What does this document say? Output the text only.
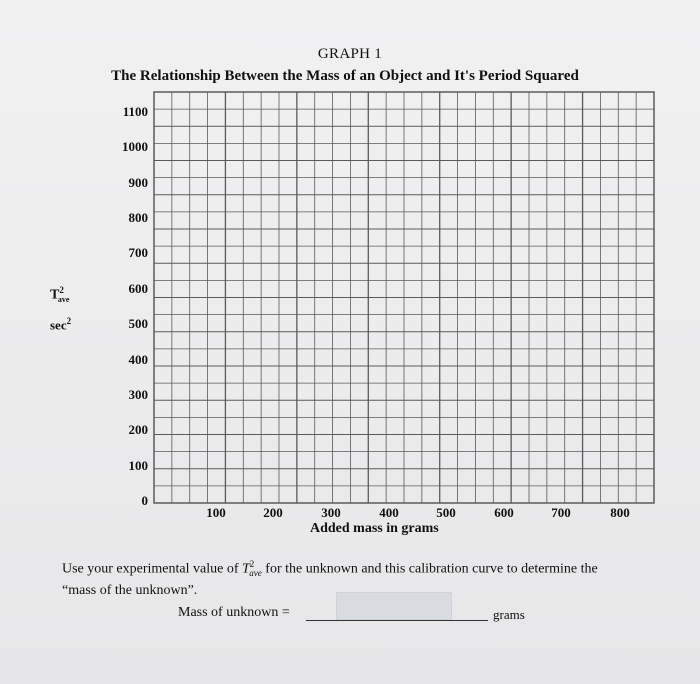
GRAPH 1
The Relationship Between the Mass of an Object and It's Period Squared
$T^2_{ave}$
$\sec^2$
0
100
200
300
400
500
600
700
800
900
1000
1100
100	200	300	400	500	600	700	800
Added mass in grams
Use your experimental value of $T^2_{ave}$ for the unknown and this calibration curve to determine the
“mass of the unknown”.
Mass of unknown =	grams
